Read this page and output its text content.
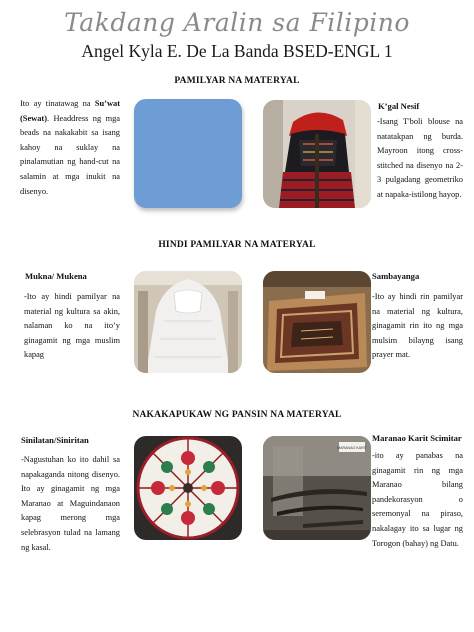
Takdang Aralin sa Filipino
Angel Kyla E. De La Banda BSED-ENGL 1
PAMILYAR NA MATERYAL
Ito ay tinatawag na Su’wat (Sewat). Headdress ng mga beads na nakakabit sa isang kahoy na suklay na pinalamutian ng hand-cut na salamin at mga inukit na disenyo.
K’gal Nesif
-Isang T'boli blouse na natatakpan ng burda. Mayroon itong cross-stitched na disenyo na 2-3 pulgadang geometriko at napaka-istilong hayop.
HINDI PAMILYAR NA MATERYAL
Mukna/ Mukena
-Ito ay hindi pamilyar na material ng kultura sa akin, nalaman ko na ito’y ginagamit ng mga muslim kapag
Sambayanga
-Ito ay hindi rin pamilyar na material ng kultura, ginagamit rin ito ng mga mulsim bilayng isang prayer mat.
NAKAKAPUKAW NG PANSIN NA MATERYAL
Sinilatan/Siniritan
-Nagustuhan ko ito dahil sa napakaganda nitong disenyo. Ito ay ginagamit ng mga Maranao at Maguindanaon kapag merong mga selebrasyon tulad na lamang ng kasal.
MARANAO KARIT
Maranao Karit Scimitar
-ito ay panabas na ginagamit rin ng mga Maranao bilang pandekorasyon o seremonyal na piraso, nakalagay ito sa lugar ng Torogon (bahay) ng Datu.
